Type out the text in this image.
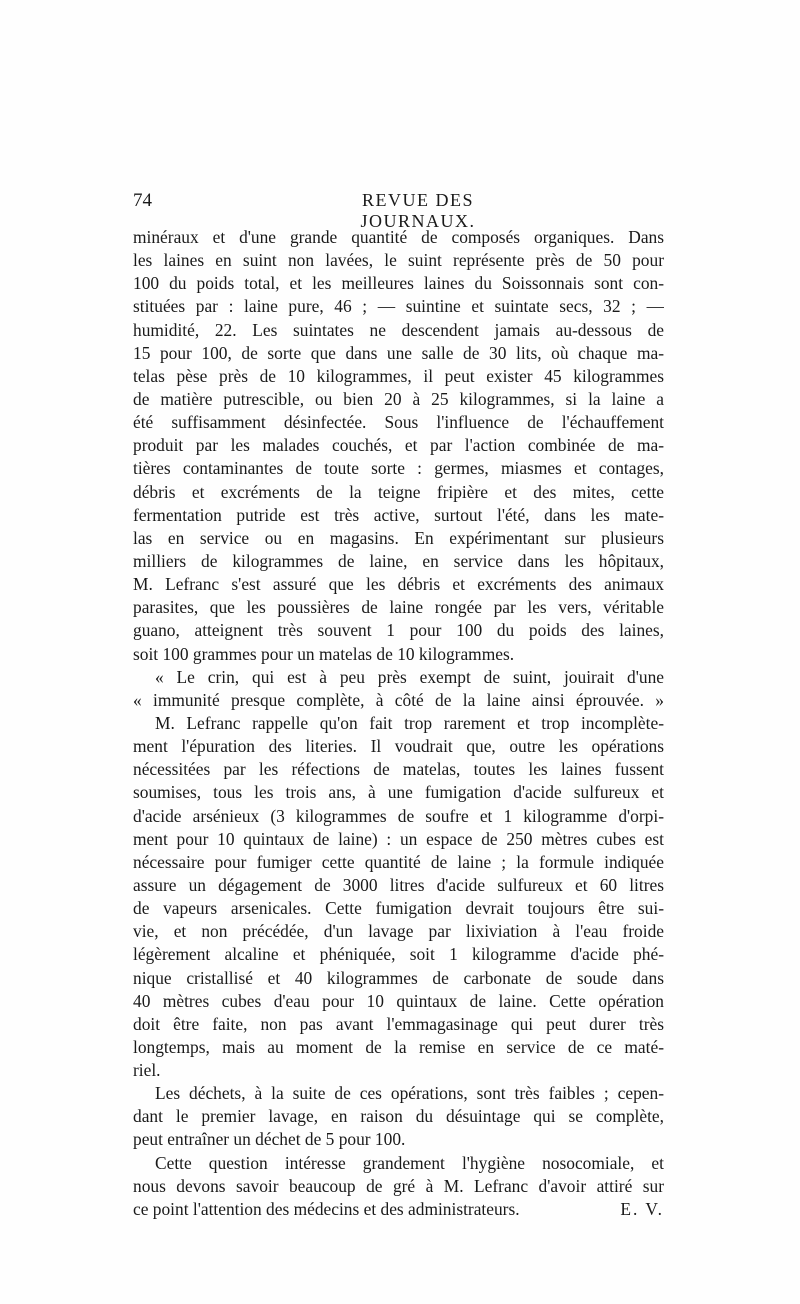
74	REVUE DES JOURNAUX.
minéraux et d'une grande quantité de composés organiques. Dans
les laines en suint non lavées, le suint représente près de 50 pour
100 du poids total, et les meilleures laines du Soissonnais sont con-
stituées par : laine pure, 46 ; — suintine et suintate secs, 32 ; —
humidité, 22. Les suintates ne descendent jamais au-dessous de
15 pour 100, de sorte que dans une salle de 30 lits, où chaque ma-
telas pèse près de 10 kilogrammes, il peut exister 45 kilogrammes
de matière putrescible, ou bien 20 à 25 kilogrammes, si la laine a
été suffisamment désinfectée. Sous l'influence de l'échauffement
produit par les malades couchés, et par l'action combinée de ma-
tières contaminantes de toute sorte : germes, miasmes et contages,
débris et excréments de la teigne fripière et des mites, cette
fermentation putride est très active, surtout l'été, dans les mate-
las en service ou en magasins. En expérimentant sur plusieurs
milliers de kilogrammes de laine, en service dans les hôpitaux,
M. Lefranc s'est assuré que les débris et excréments des animaux
parasites, que les poussières de laine rongée par les vers, véritable
guano, atteignent très souvent 1 pour 100 du poids des laines,
soit 100 grammes pour un matelas de 10 kilogrammes.
« Le crin, qui est à peu près exempt de suint, jouirait d'une
« immunité presque complète, à côté de la laine ainsi éprouvée. »
M. Lefranc rappelle qu'on fait trop rarement et trop incomplète-
ment l'épuration des literies. Il voudrait que, outre les opérations
nécessitées par les réfections de matelas, toutes les laines fussent
soumises, tous les trois ans, à une fumigation d'acide sulfureux et
d'acide arsénieux (3 kilogrammes de soufre et 1 kilogramme d'orpi-
ment pour 10 quintaux de laine) : un espace de 250 mètres cubes est
nécessaire pour fumiger cette quantité de laine ; la formule indiquée
assure un dégagement de 3000 litres d'acide sulfureux et 60 litres
de vapeurs arsenicales. Cette fumigation devrait toujours être sui-
vie, et non précédée, d'un lavage par lixiviation à l'eau froide
légèrement alcaline et phéniquée, soit 1 kilogramme d'acide phé-
nique cristallisé et 40 kilogrammes de carbonate de soude dans
40 mètres cubes d'eau pour 10 quintaux de laine. Cette opération
doit être faite, non pas avant l'emmagasinage qui peut durer très
longtemps, mais au moment de la remise en service de ce maté-
riel.
Les déchets, à la suite de ces opérations, sont très faibles ; cepen-
dant le premier lavage, en raison du désuintage qui se complète,
peut entraîner un déchet de 5 pour 100.
Cette question intéresse grandement l'hygiène nosocomiale, et
nous devons savoir beaucoup de gré à M. Lefranc d'avoir attiré sur
ce point l'attention des médecins et des administrateurs.	E. V.
